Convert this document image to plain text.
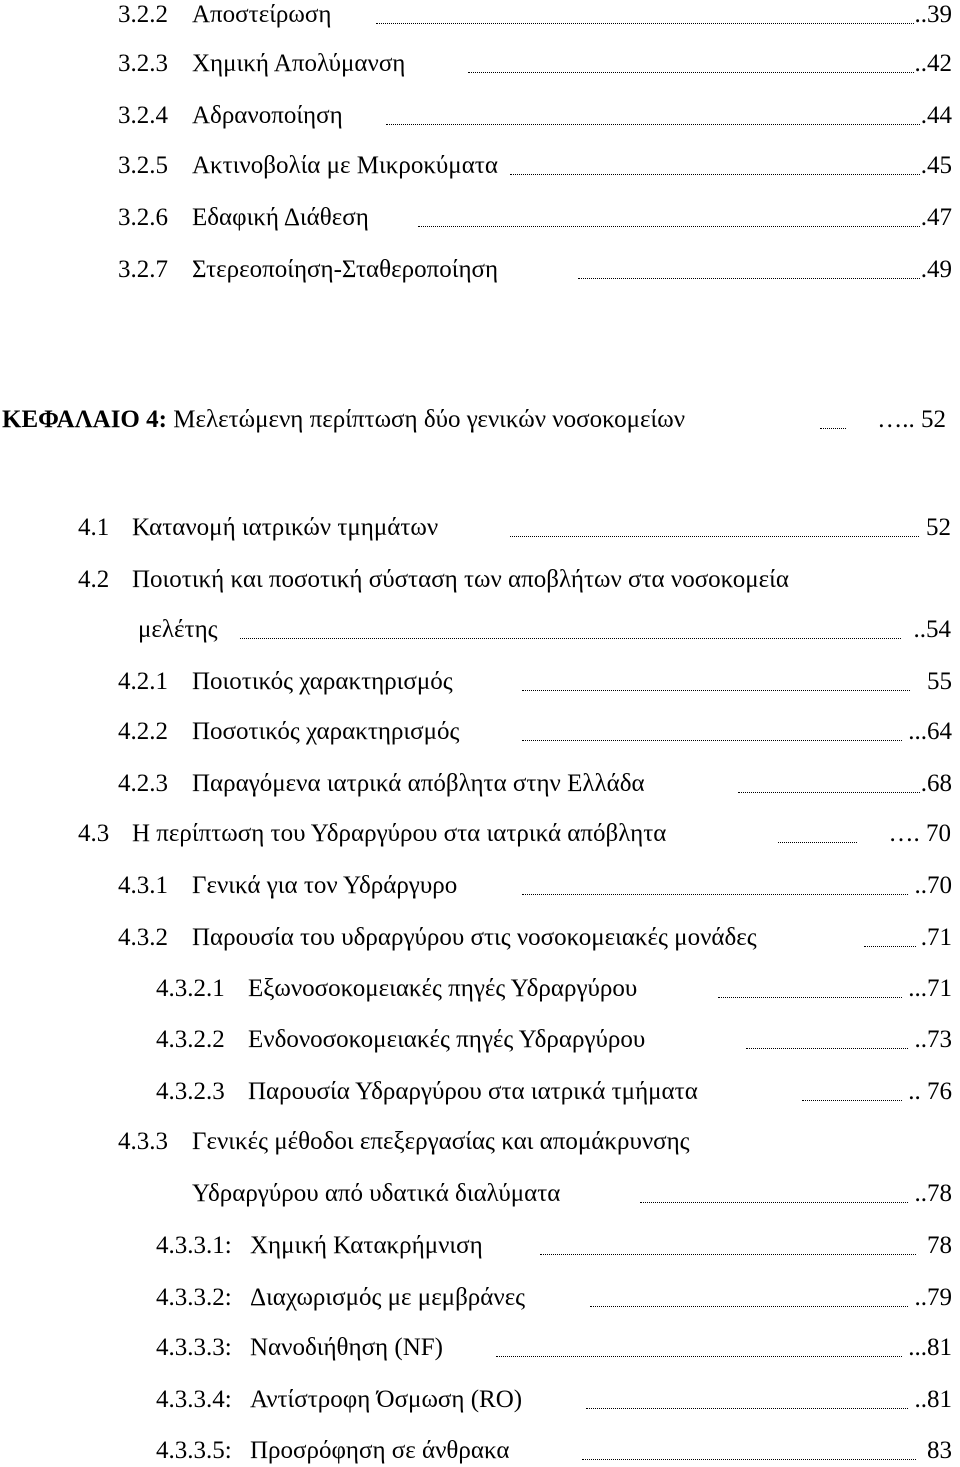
3.2.2 Αποστείρωση	..39
3.2.3 Χημική Απολύμανση	..42
3.2.4 Αδρανοποίηση	.44
3.2.5 Ακτινοβολία με Μικροκύματα	.45
3.2.6 Εδαφική Διάθεση	.47
3.2.7 Στερεοποίηση-Σταθεροποίηση	.49
ΚΕΦΑΛΑΙΟ 4: Μελετώμενη περίπτωση δύο γενικών νοσοκομείων	….. 52
4.1 Κατανομή ιατρικών τμημάτων	52
4.2 Ποιοτική και ποσοτική σύσταση των αποβλήτων στα νοσοκομεία
μελέτης	..54
4.2.1 Ποιοτικός χαρακτηρισμός	55
4.2.2 Ποσοτικός χαρακτηρισμός	...64
4.2.3 Παραγόμενα ιατρικά απόβλητα στην Ελλάδα	.68
4.3 Η περίπτωση του Υδραργύρου στα ιατρικά απόβλητα	…. 70
4.3.1 Γενικά για τον Υδράργυρο	..70
4.3.2 Παρουσία του υδραργύρου στις νοσοκομειακές μονάδες	.71
4.3.2.1 Εξωνοσοκομειακές πηγές Υδραργύρου	...71
4.3.2.2 Ενδονοσοκομειακές πηγές Υδραργύρου	..73
4.3.2.3 Παρουσία Υδραργύρου στα ιατρικά τμήματα	.. 76
4.3.3 Γενικές μέθοδοι επεξεργασίας και απομάκρυνσης
Υδραργύρου από υδατικά διαλύματα	..78
4.3.3.1: Χημική Κατακρήμνιση	78
4.3.3.2: Διαχωρισμός με μεμβράνες	..79
4.3.3.3: Νανοδιήθηση (NF)	...81
4.3.3.4: Αντίστροφη Όσμωση (RO)	..81
4.3.3.5: Προσρόφηση σε άνθρακα	83
